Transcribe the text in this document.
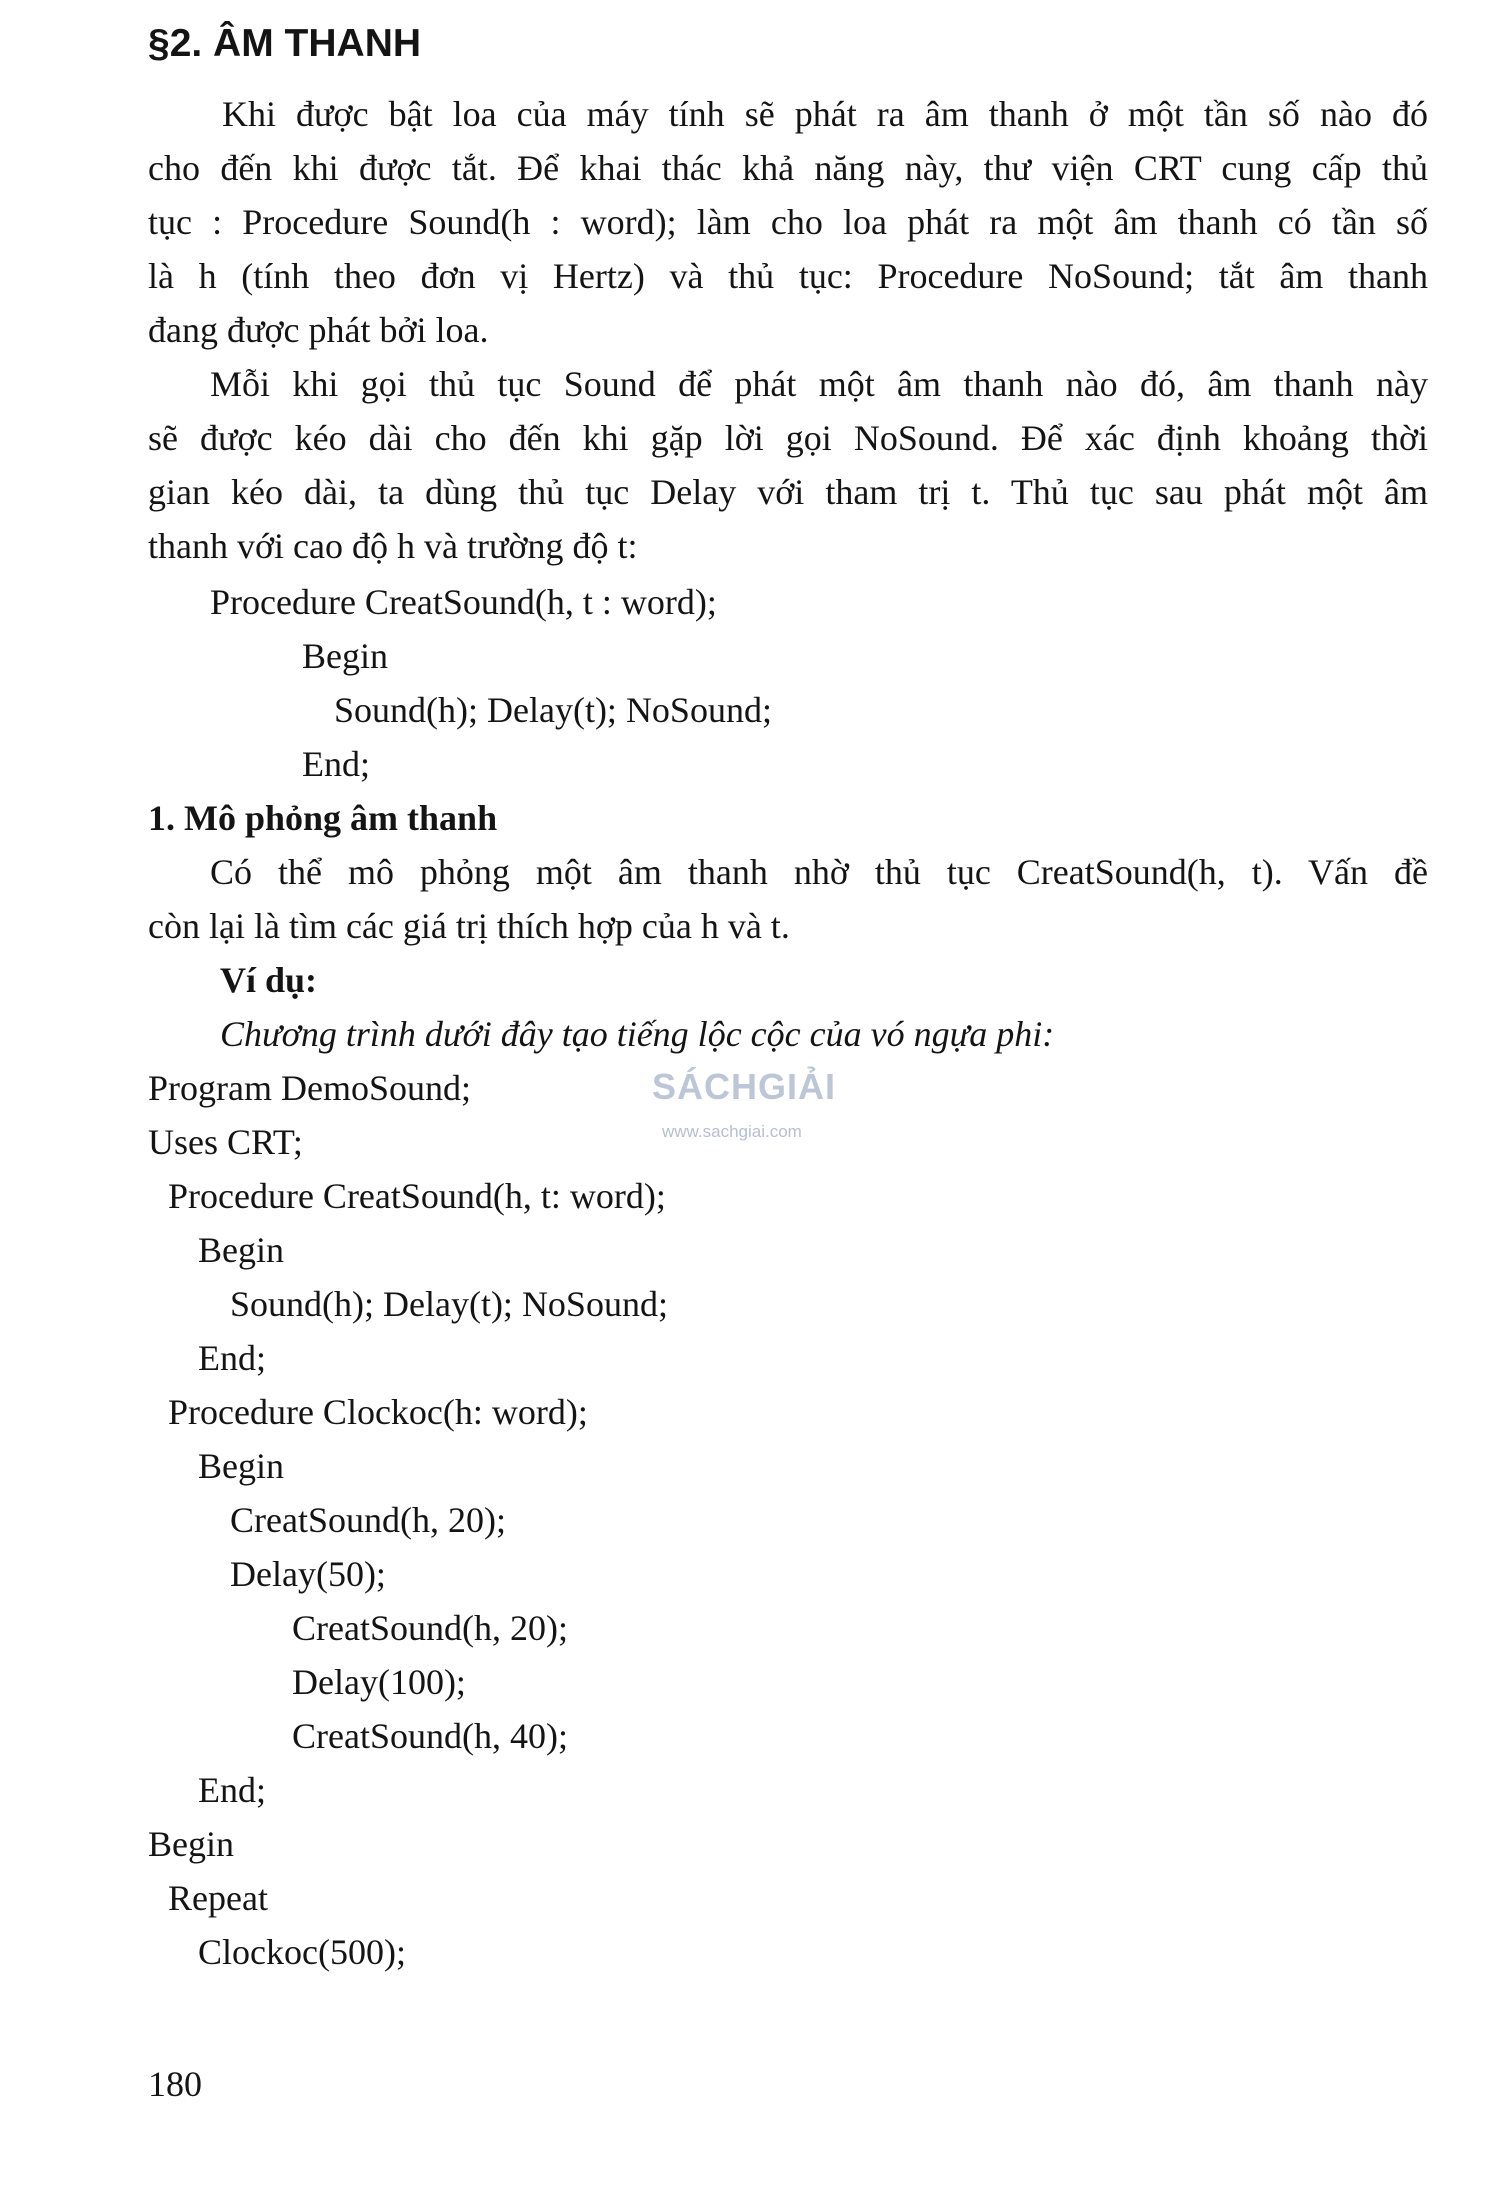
§2. ÂM THANH
Khi được bật loa của máy tính sẽ phát ra âm thanh ở một tần số nào đó
cho đến khi được tắt. Để khai thác khả năng này, thư viện CRT cung cấp thủ
tục : Procedure Sound(h : word); làm cho loa phát ra một âm thanh có tần số
là h (tính theo đơn vị Hertz) và thủ tục: Procedure NoSound; tắt âm thanh
đang được phát bởi loa.
Mỗi khi gọi thủ tục Sound để phát một âm thanh nào đó, âm thanh này
sẽ được kéo dài cho đến khi gặp lời gọi NoSound. Để xác định khoảng thời
gian kéo dài, ta dùng thủ tục Delay với tham trị t. Thủ tục sau phát một âm
thanh với cao độ h và trường độ t:
Procedure CreatSound(h, t : word);
Begin
Sound(h); Delay(t); NoSound;
End;
1. Mô phỏng âm thanh
Có thể mô phỏng một âm thanh nhờ thủ tục CreatSound(h, t). Vấn đề
còn lại là tìm các giá trị thích hợp của h và t.
Ví dụ:
Chương trình dưới đây tạo tiếng lộc cộc của vó ngựa phi:
SÁCHGIẢI
www.sachgiai.com
Program DemoSound;
Uses CRT;
Procedure CreatSound(h, t: word);
Begin
Sound(h); Delay(t); NoSound;
End;
Procedure Clockoc(h: word);
Begin
CreatSound(h, 20);
Delay(50);
CreatSound(h, 20);
Delay(100);
CreatSound(h, 40);
End;
Begin
Repeat
Clockoc(500);
180
